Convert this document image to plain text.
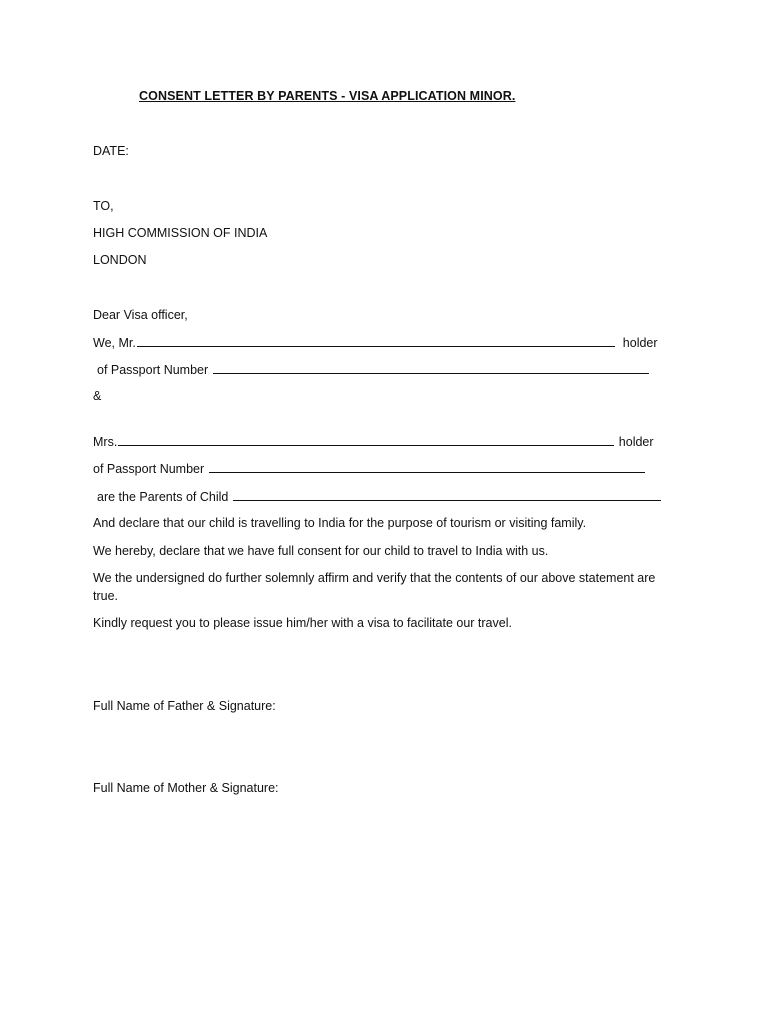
CONSENT LETTER BY PARENTS - VISA APPLICATION MINOR.
DATE:
TO,
HIGH COMMISSION OF INDIA
LONDON
Dear Visa officer,
We, Mr.	holder
of Passport Number
&
Mrs.	holder
of Passport Number
are the Parents of Child
And declare that our child is travelling to India for the purpose of tourism or visiting family.
We hereby, declare that we have full consent for our child to travel to India with us.
We the undersigned do further solemnly affirm and verify that the contents of our above statement are true.
Kindly request you to please issue him/her with a visa to facilitate our travel.
Full Name of Father & Signature:
Full Name of Mother & Signature:
